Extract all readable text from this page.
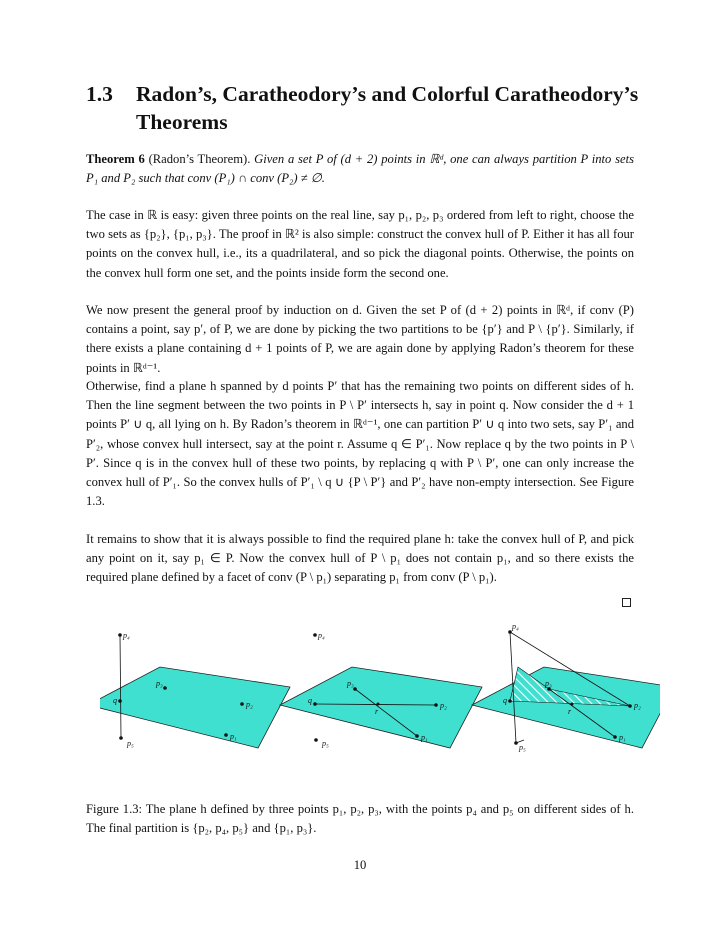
1.3 Radon’s, Caratheodory’s and Colorful Caratheodory’s Theorems

Theorem 6 (Radon’s Theorem). Given a set P of (d + 2) points in ℝᵈ, one can always partition P into sets P₁ and P₂ such that conv (P₁) ∩ conv (P₂) ≠ ∅.

The case in ℝ is easy: given three points on the real line, say p₁, p₂, p₃ ordered from left to right, choose the two sets as {p₂}, {p₁, p₃}. The proof in ℝ² is also simple: construct the convex hull of P. Either it has all four points on the convex hull, i.e., its a quadrilateral, and so pick the diagonal points. Otherwise, the points on the convex hull form one set, and the points inside form the second one.

We now present the general proof by induction on d. Given the set P of (d + 2) points in ℝᵈ, if conv (P) contains a point, say p′, of P, we are done by picking the two partitions to be {p′} and P \ {p′}. Similarly, if there exists a plane containing d + 1 points of P, we are again done by applying Radon’s theorem for these points in ℝᵈ⁻¹.

Otherwise, find a plane h spanned by d points P′ that has the remaining two points on different sides of h. Then the line segment between the two points in P \ P′ intersects h, say in point q. Now consider the d + 1 points P′ ∪ q, all lying on h. By Radon’s theorem in ℝᵈ⁻¹, one can partition P′ ∪ q into two sets, say P′₁ and P′₂, whose convex hull intersect, say at the point r. Assume q ∈ P′₁. Now replace q by the two points in P \ P′. Since q is in the convex hull of these two points, by replacing q with P \ P′, one can only increase the convex hull of P′₁. So the convex hulls of P′₁ \ q ∪ {P \ P′} and P′₂ have non-empty intersection. See Figure 1.3.

It remains to show that it is always possible to find the required plane h: take the convex hull of P, and pick any point on it, say p₁ ∈ P. Now the convex hull of P \ p₁ does not contain p₁, and so there exists the required plane defined by a facet of conv (P \ p₁) separating p₁ from conv (P \ p₁).

p₄
p₅
q
p₃
p₂
p₁
p₄
p₅
q
p₃
p₂
p₁
r
p₄
p₅
q
p₃
p₂
p₁
r
Figure 1.3: The plane h defined by three points p₁, p₂, p₃, with the points p₄ and p₅ on different sides of h. The final partition is {p₂, p₄, p₅} and {p₁, p₃}.
10
